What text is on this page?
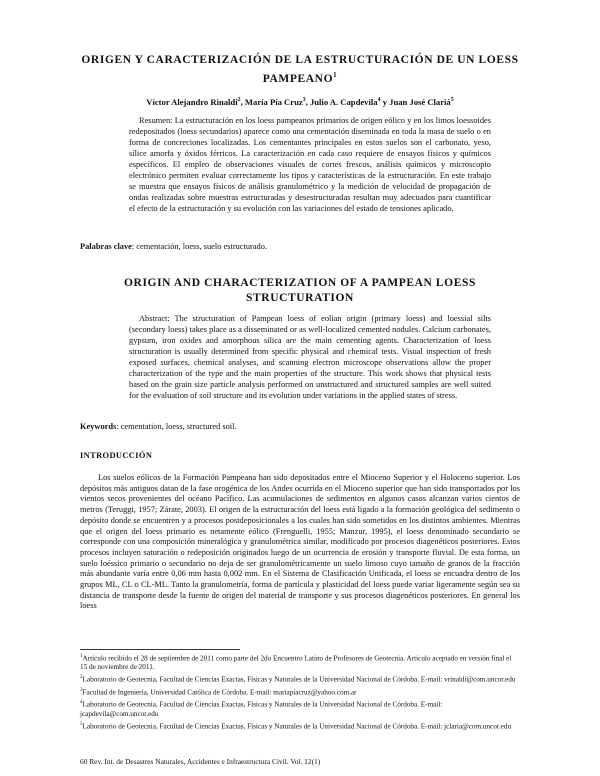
ORIGEN Y CARACTERIZACIÓN DE LA ESTRUCTURACIÓN DE UN LOESS PAMPEANO$^1$
Víctor Alejandro Rinaldi$^2$, María Pía Cruz$^3$, Julio A. Capdevila$^4$ y Juan José Clariá$^5$
Resumen: La estructuración en los loess pampeanos primarios de origen eólico y en los limos loessoides redepositados (loess secundarios) aparece como una cementación diseminada en toda la masa de suelo o en forma de concreciones localizadas. Los cementantes principales en estos suelos son el carbonato, yeso, sílice amorfa y óxidos férricos. La caracterización en cada caso requiere de ensayos físicos y químicos específicos. El empleo de observaciones visuales de cortes frescos, análisis químicos y microscopio electrónico permiten evaluar correctamente los tipos y características de la estructuración. En este trabajo se muestra que ensayos físicos de análisis granulométrico y la medición de velocidad de propagación de ondas realizadas sobre muestras estructuradas y desestructuradas resultan muy adecuados para cuantificar el efecto de la estructuración y su evolución con las variaciones del estado de tensiones aplicado.
Palabras clave: cementación, loess, suelo estructurado.
ORIGIN AND CHARACTERIZATION OF A PAMPEAN LOESS STRUCTURATION
Abstract: The structuration of Pampean loess of eolian origin (primary loess) and loessial silts (secondary loess) takes place as a disseminated or as well-localized cemented nodules. Calcium carbonates, gypsum, iron oxides and amorphous silica are the main cementing agents. Characterization of loess structuration is usually determined from specific physical and chemical tests. Visual inspection of fresh exposed surfaces, chemical analyses, and scanning electron microscope observations allow the proper characterization of the type and the main properties of the structure. This work shows that physical tests based on the grain size particle analysis performed on unstructured and structured samples are well suited for the evaluation of soil structure and its evolution under variations in the applied states of stress.
Keywords: cementation, loess, structured soil.
INTRODUCCIÓN
Los suelos eólicos de la Formación Pampeana han sido depositados entre el Mioceno Superior y el Holoceno superior. Los depósitos más antiguos datan de la fase orogénica de los Andes ocurrida en el Mioceno superior que han sido transportados por los vientos secos provenientes del océano Pacífico. Las acumulaciones de sedimentos en algunos casos alcanzan varios cientos de metros (Teruggi, 1957; Zárate, 2003). El origen de la estructuración del loess está ligado a la formación geológica del sedimento o depósito donde se encuentren y a procesos postdeposicionales a los cuales han sido sometidos en los distintos ambientes. Mientras que el origen del loess primario es netamente eólico (Frenguelli, 1955; Manzur, 1995), el loess denominado secundario se corresponde con una composición mineralógica y granulométrica similar, modificado por procesos diagenéticos posteriores. Estos procesos incluyen saturación o redeposición originados luego de un ocurrencia de erosión y transporte fluvial. De esta forma, un suelo loéssico primario o secundario no deja de ser granulométricamente un suelo limoso cuyo tamaño de granos de la fracción más abundante varía entre 0,06 mm hasta 0,002 mm. En el Sistema de Clasificación Unificada, el loess se encuadra dentro de los grupos ML, CL o CL-ML. Tanto la granulometría, forma de partícula y plasticidad del loess puede variar ligeramente según sea su distancia de transporte desde la fuente de origen del material de transporte y sus procesos diagenéticos posteriores. En general los loess
$^1$Artículo recibido el 28 de septiembre de 2011 como parte del 2do Encuentro Latino de Profesores de Geotecnia. Artículo aceptado en versión final el 15 de noviembre de 2011.
$^2$Laboratorio de Geotecnia, Facultad de Ciencias Exactas, Físicas y Naturales de la Universidad Nacional de Córdoba. E-mail: vrinaldi@com.uncor.edu
$^3$Facultad de Ingeniería, Universidad Católica de Córdoba. E-mail: mariapiacruz@yahoo.com.ar
$^4$Laboratorio de Geotecnia, Facultad de Ciencias Exactas, Físicas y Naturales de la Universidad Nacional de Córdoba. E-mail: jcapdevila@com.uncor.edu
$^5$Laboratorio de Geotecnia, Facultad de Ciencias Exactas, Físicas y Naturales de la Universidad Nacional de Córdoba. E-mail: jclaria@com.uncor.edu
60 Rev. Int. de Desastres Naturales, Accidentes e Infraestructura Civil. Vol. 12(1)
